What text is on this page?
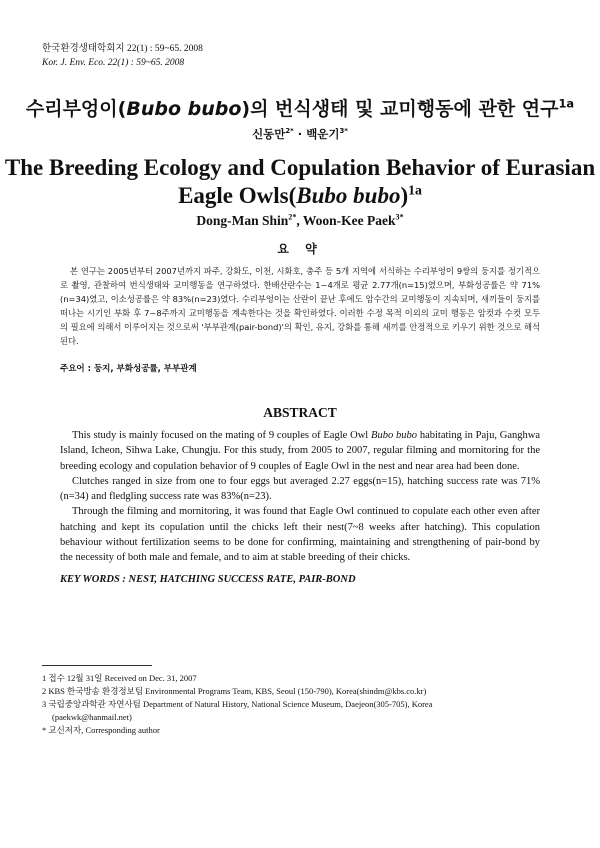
한국환경생태학회지 22(1) : 59~65. 2008
Kor. J. Env. Eco. 22(1) : 59~65. 2008
수리부엉이(Bubo bubo)의 번식생태 및 교미행동에 관한 연구$^{1a}$
신동만$^{2*}$ · 백운기$^{3*}$
The Breeding Ecology and Copulation Behavior of Eurasian
Eagle Owls(Bubo bubo)$^{1a}$
Dong-Man Shin$^{2*}$, Woon-Kee Paek$^{3*}$
요 약
본 연구는 2005년부터 2007년까지 파주, 강화도, 이천, 시화호, 충주 등 5개 지역에 서식하는 수리부엉이 9쌍의 둥지를 정기적으로 촬영, 관찰하여 번식생태와 교미행동을 연구하였다. 한배산란수는 1~4개로 평균 2.77개(n=15)였으며, 부화성공률은 약 71%(n=34)였고, 이소성공률은 약 83%(n=23)였다. 수리부엉이는 산란이 끝난 후에도 암수간의 교미행동이 지속되며, 새끼들이 둥지를 떠나는 시기인 부화 후 7~8주까지 교미행동을 계속한다는 것을 확인하였다. 이러한 수정 목적 이외의 교미 행동은 암컷과 수컷 모두의 필요에 의해서 이루어지는 것으로써 '부부관계(pair-bond)'의 확인, 유지, 강화를 통해 새끼를 안정적으로 키우기 위한 것으로 해석된다.
주요어 : 둥지, 부화성공률, 부부관계
ABSTRACT

This study is mainly focused on the mating of 9 couples of Eagle Owl Bubo bubo habitating in Paju, Ganghwa Island, Icheon, Sihwa Lake, Chungju. For this study, from 2005 to 2007, regular filming and mornitoring for the breeding ecology and copulation behavior of 9 couples of Eagle Owl in the nest and near area had been done.

Clutches ranged in size from one to four eggs but averaged 2.27 eggs(n=15), hatching success rate was 71%(n=34) and fledgling success rate was 83%(n=23).

Through the filming and mornitoring, it was found that Eagle Owl continued to copulate each other even after hatching and kept its copulation until the chicks left their nest(7~8 weeks after hatching). This copulation behaviour without fertilization seems to be done for confirming, maintaining and strengthening of pair-bond by the necessity of both male and female, and to aim at stable breeding of their chicks.

KEY WORDS : NEST, HATCHING SUCCESS RATE, PAIR-BOND
1 접수 12월 31일 Received on Dec. 31, 2007
2 KBS 한국방송 환경정보팀 Environmental Programs Team, KBS, Seoul (150-790), Korea(shindm@kbs.co.kr)
3 국립중앙과학관 자연사팀 Department of Natural History, National Science Museum, Daejeon(305-705), Korea
(paekwk@hanmail.net)
* 교신저자, Corresponding author
